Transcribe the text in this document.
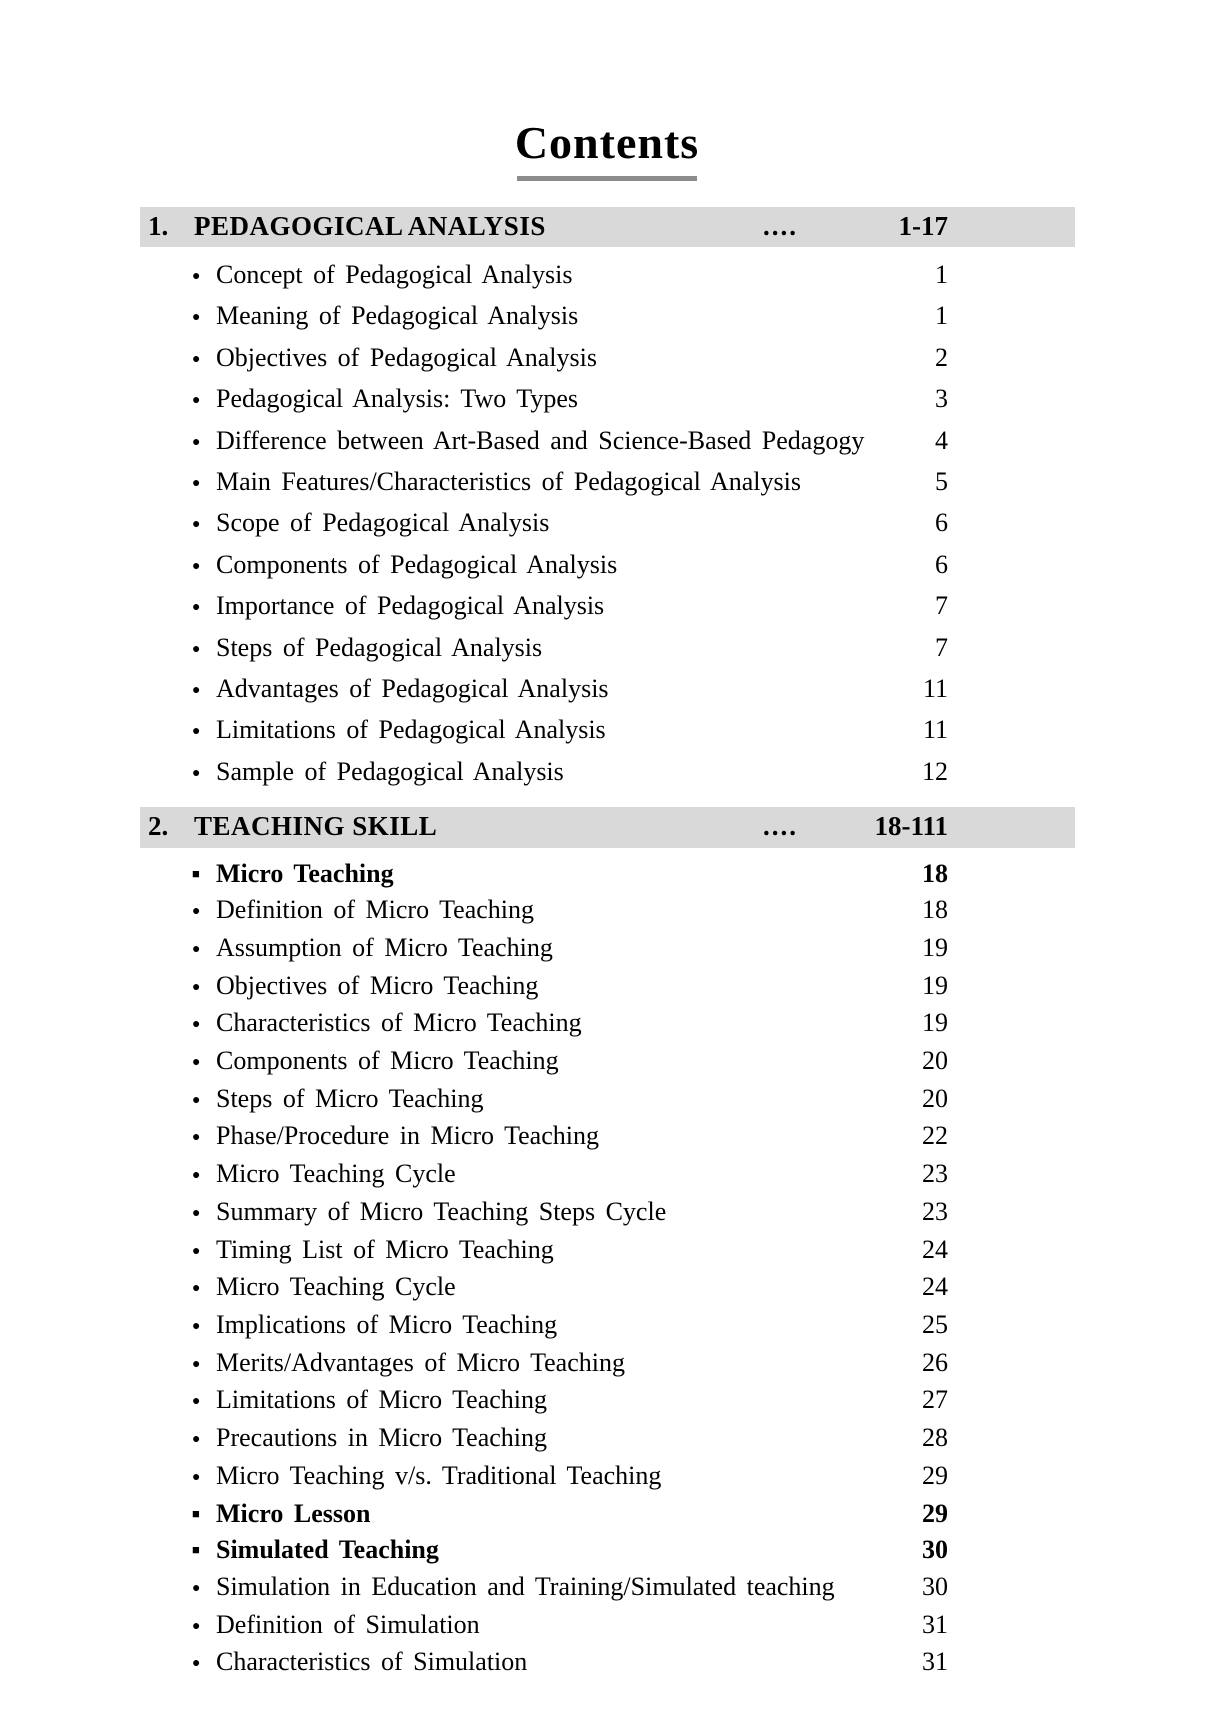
Contents
1. PEDAGOGICAL ANALYSIS	....	1-17
● Concept of Pedagogical Analysis	1
● Meaning of Pedagogical Analysis	1
● Objectives of Pedagogical Analysis	2
● Pedagogical Analysis: Two Types	3
● Difference between Art-Based and Science-Based Pedagogy	4
● Main Features/Characteristics of Pedagogical Analysis	5
● Scope of Pedagogical Analysis	6
● Components of Pedagogical Analysis	6
● Importance of Pedagogical Analysis	7
● Steps of Pedagogical Analysis	7
● Advantages of Pedagogical Analysis	11
● Limitations of Pedagogical Analysis	11
● Sample of Pedagogical Analysis	12
2. TEACHING SKILL	....	18-111
■ Micro Teaching	18
● Definition of Micro Teaching	18
● Assumption of Micro Teaching	19
● Objectives of Micro Teaching	19
● Characteristics of Micro Teaching	19
● Components of Micro Teaching	20
● Steps of Micro Teaching	20
● Phase/Procedure in Micro Teaching	22
● Micro Teaching Cycle	23
● Summary of Micro Teaching Steps Cycle	23
● Timing List of Micro Teaching	24
● Micro Teaching Cycle	24
● Implications of Micro Teaching	25
● Merits/Advantages of Micro Teaching	26
● Limitations of Micro Teaching	27
● Precautions in Micro Teaching	28
● Micro Teaching v/s. Traditional Teaching	29
■ Micro Lesson	29
■ Simulated Teaching	30
● Simulation in Education and Training/Simulated teaching	30
● Definition of Simulation	31
● Characteristics of Simulation	31
